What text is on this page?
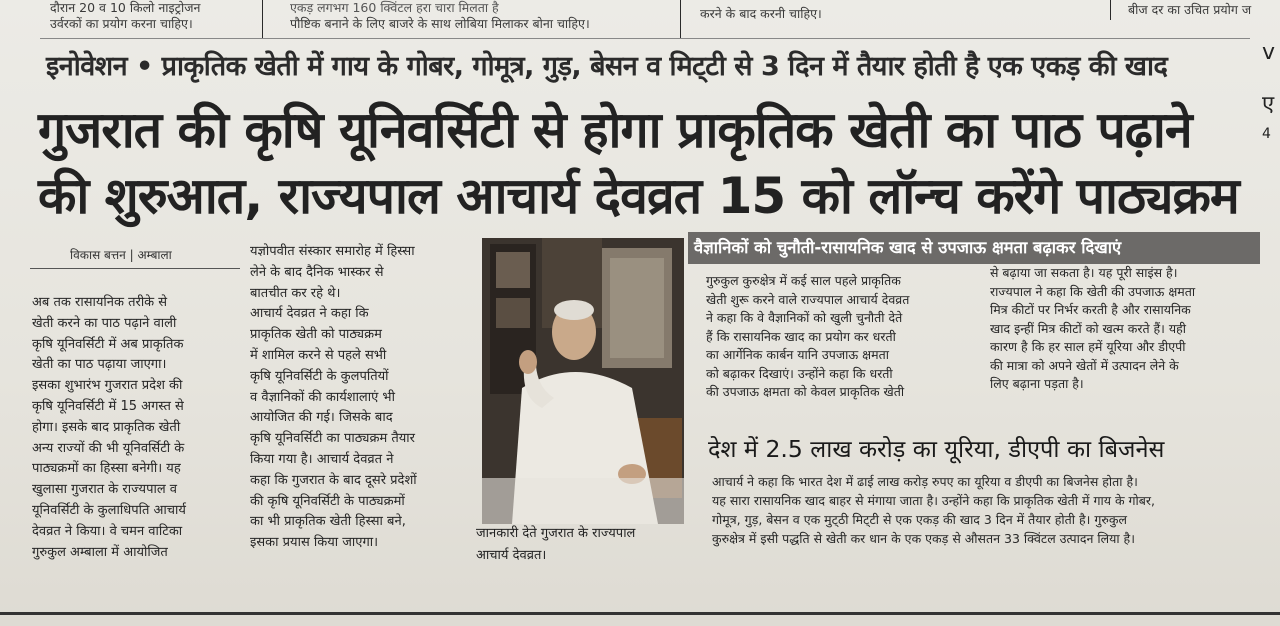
दौरान 20 व 10 किलो नाइट्रोजन
उर्वरकों का प्रयोग करना चाहिए।
एकड़ लगभग 160 क्विंटल हरा चारा मिलता है
पौष्टिक बनाने के लिए बाजरे के साथ लोबिया मिलाकर बोना चाहिए।
करने के बाद करनी चाहिए।	बीज दर का उचित प्रयोग ज
इनोवेशन • प्राकृतिक खेती में गाय के गोबर, गोमूत्र, गुड़, बेसन व मिट्‌टी से 3 दिन में तैयार होती है एक एकड़ की खाद
गुजरात की कृषि यूनिवर्सिटी से होगा प्राकृतिक खेती का पाठ पढ़ाने
की शुरुआत, राज्यपाल आचार्य देवव्रत 15 को लॉन्च करेंगे पाठ्यक्रम
विकास बत्तन | अम्बाला

अब तक रासायनिक तरीके से

खेती करने का पाठ पढ़ाने वाली

कृषि यूनिवर्सिटी में अब प्राकृतिक

खेती का पाठ पढ़ाया जाएगा।

इसका शुभारंभ गुजरात प्रदेश की

कृषि यूनिवर्सिटी में 15 अगस्त से

होगा। इसके बाद प्राकृतिक खेती

अन्य राज्यों की भी यूनिवर्सिटी के

पाठ्यक्रमों का हिस्सा बनेगी। यह

खुलासा गुजरात के राज्यपाल व

यूनिवर्सिटी के कुलाधिपति आचार्य

देवव्रत ने किया। वे चमन वाटिका

गुरुकुल अम्बाला में आयोजित

यज्ञोपवीत संस्कार समारोह में हिस्सा

लेने के बाद दैनिक भास्कर से

बातचीत कर रहे थे।

आचार्य देवव्रत ने कहा कि

प्राकृतिक खेती को पाठ्यक्रम

में शामिल करने से पहले सभी

कृषि यूनिवर्सिटी के कुलपतियों

व वैज्ञानिकों की कार्यशालाएं भी

आयोजित की गई। जिसके बाद

कृषि यूनिवर्सिटी का पाठ्यक्रम तैयार

किया गया है। आचार्य देवव्रत ने

कहा कि गुजरात के बाद दूसरे प्रदेशों

की कृषि यूनिवर्सिटी के पाठ्यक्रमों

का भी प्राकृतिक खेती हिस्सा बने,

इसका प्रयास किया जाएगा।

जानकारी देते गुजरात के राज्यपाल
आचार्य देवव्रत।
वैज्ञानिकों को चुनौती-रासायनिक खाद से उपजाऊ क्षमता बढ़ाकर दिखाएं

गुरुकुल कुरुक्षेत्र में कई साल पहले प्राकृतिक

खेती शुरू करने वाले राज्यपाल आचार्य देवव्रत

ने कहा कि वे वैज्ञानिकों को खुली चुनौती देते

हैं कि रासायनिक खाद का प्रयोग कर धरती

का आर्गेनिक कार्बन यानि उपजाऊ क्षमता

को बढ़ाकर दिखाएं। उन्होंने कहा कि धरती

की उपजाऊ क्षमता को केवल प्राकृतिक खेती

से बढ़ाया जा सकता है। यह पूरी साइंस है।

राज्यपाल ने कहा कि खेती की उपजाऊ क्षमता

मित्र कीटों पर निर्भर करती है और रासायनिक

खाद इन्हीं मित्र कीटों को खत्म करते हैं। यही

कारण है कि हर साल हमें यूरिया और डीएपी

की मात्रा को अपने खेतों में उत्पादन लेने के

लिए बढ़ाना पड़ता है।

देश में 2.5 लाख करोड़ का यूरिया, डीएपी का बिजनेस

आचार्य ने कहा कि भारत देश में ढाई लाख करोड़ रुपए का यूरिया व डीएपी का बिजनेस होता है।

यह सारा रासायनिक खाद बाहर से मंगाया जाता है। उन्होंने कहा कि प्राकृतिक खेती में गाय के गोबर,

गोमूत्र, गुड़, बेसन व एक मुट्‌ठी मिट्‌टी से एक एकड़ की खाद 3 दिन में तैयार होती है। गुरुकुल

कुरुक्षेत्र में इसी पद्धति से खेती कर धान के एक एकड़ से औसतन 33 क्विंटल उत्पादन लिया है।

v
ए
4
